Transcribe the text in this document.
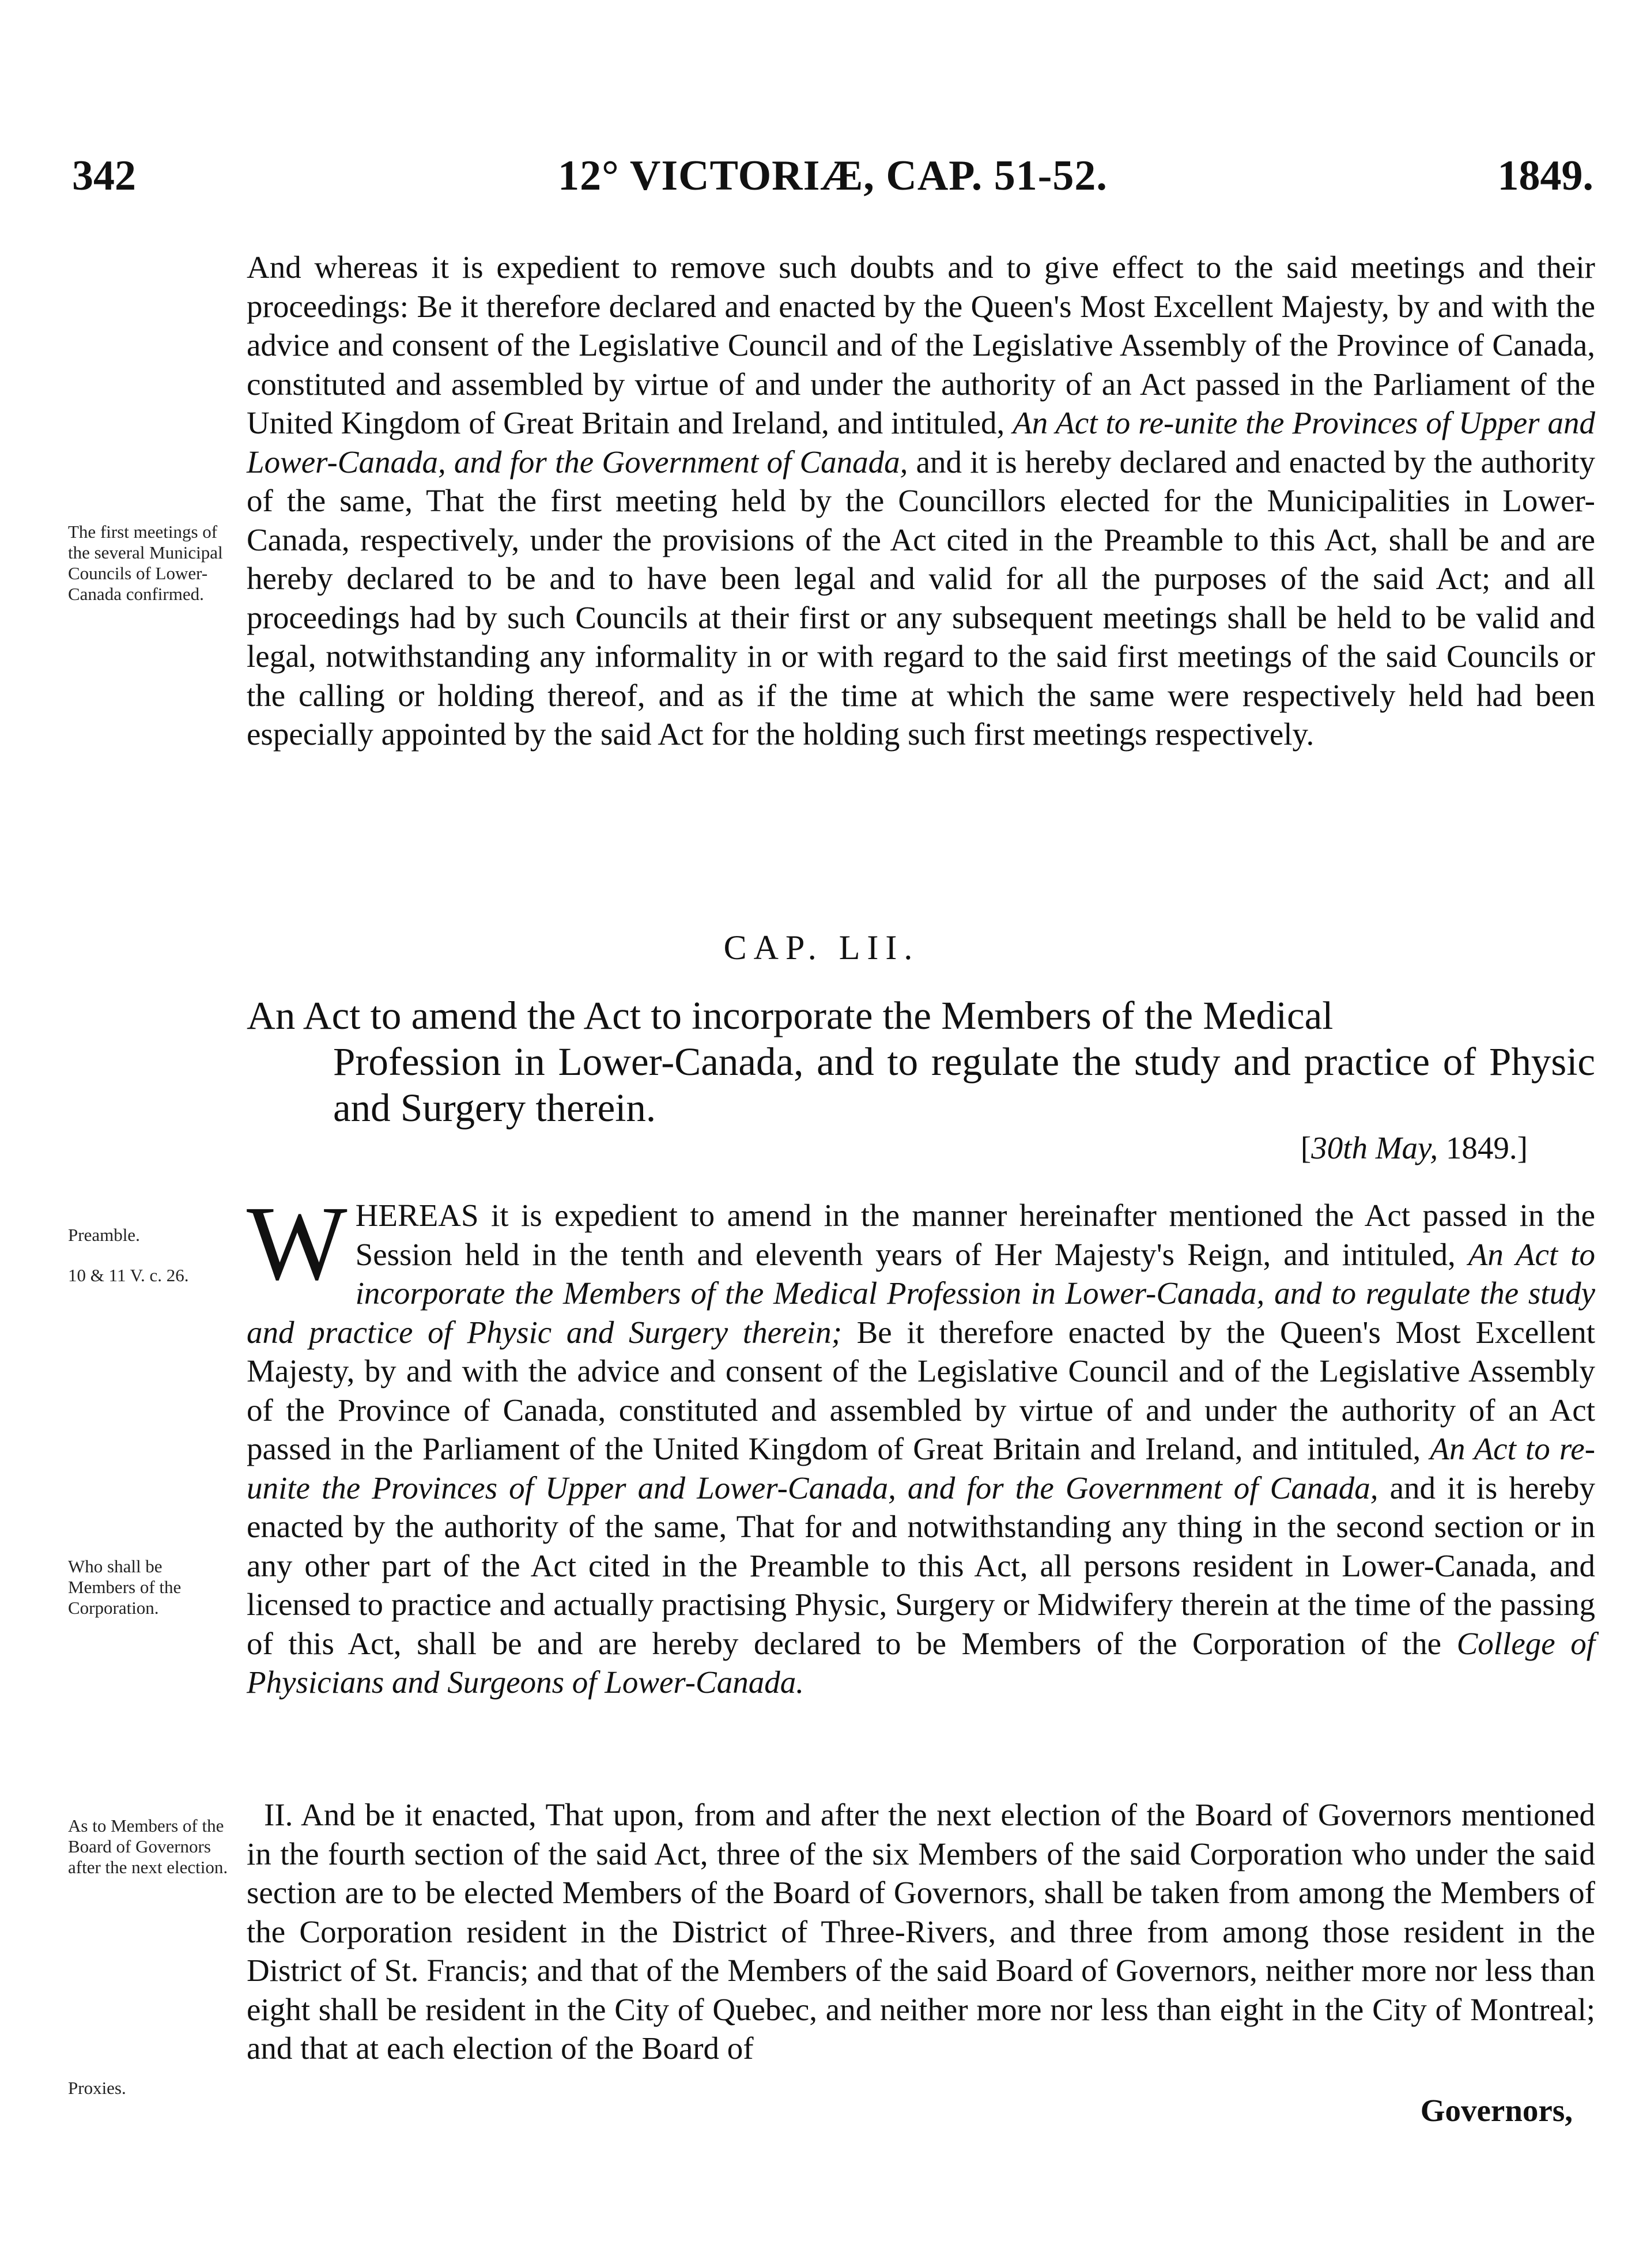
342	12° VICTORIÆ, CAP. 51-52.	1849.

And whereas it is expedient to remove such doubts and to give effect to the said meetings and their proceedings: Be it therefore declared and enacted by the Queen's Most Excellent Majesty, by and with the advice and consent of the Legislative Council and of the Legislative Assembly of the Province of Canada, constituted and assembled by virtue of and under the authority of an Act passed in the Parliament of the United Kingdom of Great Britain and Ireland, and intituled, An Act to re-unite the Provinces of Upper and Lower-Canada, and for the Government of Canada, and it is hereby declared and enacted by the authority of the same, That the first meeting held by the Councillors elected for the Municipalities in Lower-Canada, respectively, under the provisions of the Act cited in the Preamble to this Act, shall be and are hereby declared to be and to have been legal and valid for all the purposes of the said Act; and all proceedings had by such Councils at their first or any subsequent meetings shall be held to be valid and legal, notwithstanding any informality in or with regard to the said first meetings of the said Councils or the calling or holding thereof, and as if the time at which the same were respectively held had been especially appointed by the said Act for the holding such first meetings respectively.

The first meetings of the several Municipal Councils of Lower-Canada confirmed.
CAP. LII.
An Act to amend the Act to incorporate the Members of the Medical
Profession in Lower-Canada, and to regulate the study and practice of Physic and Surgery therein.
[30th May, 1849.]

W HEREAS it is expedient to amend in the manner hereinafter mentioned the Act passed in the Session held in the tenth and eleventh years of Her Majesty's Reign, and intituled, An Act to incorporate the Members of the Medical Profession in Lower-Canada, and to regulate the study and practice of Physic and Surgery therein; Be it therefore enacted by the Queen's Most Excellent Majesty, by and with the advice and consent of the Legislative Council and of the Legislative Assembly of the Province of Canada, constituted and assembled by virtue of and under the authority of an Act passed in the Parliament of the United Kingdom of Great Britain and Ireland, and intituled, An Act to re-unite the Provinces of Upper and Lower-Canada, and for the Government of Canada, and it is hereby enacted by the authority of the same, That for and notwithstanding any thing in the second section or in any other part of the Act cited in the Preamble to this Act, all persons resident in Lower-Canada, and licensed to practice and actually practising Physic, Surgery or Midwifery therein at the time of the passing of this Act, shall be and are hereby declared to be Members of the Corporation of the College of Physicians and Surgeons of Lower-Canada.

Preamble.
10 & 11 V. c. 26.
Who shall be Members of the Corporation.

II. And be it enacted, That upon, from and after the next election of the Board of Governors mentioned in the fourth section of the said Act, three of the six Members of the said Corporation who under the said section are to be elected Members of the Board of Governors, shall be taken from among the Members of the Corporation resident in the District of Three-Rivers, and three from among those resident in the District of St. Francis; and that of the Members of the said Board of Governors, neither more nor less than eight shall be resident in the City of Quebec, and neither more nor less than eight in the City of Montreal; and that at each election of the Board of

As to Members of the Board of Governors after the next election.
Proxies.
Governors,
